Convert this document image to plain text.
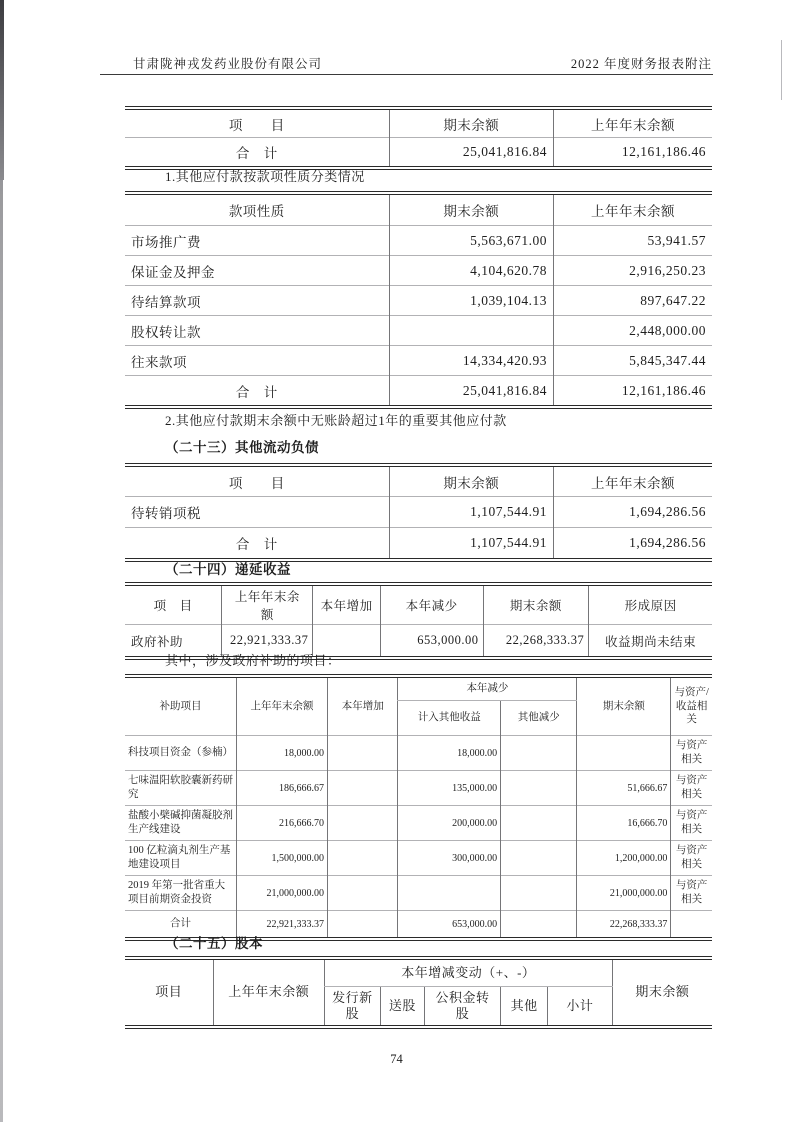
甘肃陇神戎发药业股份有限公司	2022 年度财务报表附注
项　　目	期末余额	上年年末余额
合　计	25,041,816.84	12,161,186.46
1.其他应付款按款项性质分类情况
款项性质	期末余额	上年年末余额
市场推广费	5,563,671.00	53,941.57
保证金及押金	4,104,620.78	2,916,250.23
待结算款项	1,039,104.13	897,647.22
股权转让款		2,448,000.00
往来款项	14,334,420.93	5,845,347.44
合　计	25,041,816.84	12,161,186.46
2.其他应付款期末余额中无账龄超过1年的重要其他应付款
（二十三）其他流动负债
项　　目	期末余额	上年年末余额
待转销项税	1,107,544.91	1,694,286.56
合　计	1,107,544.91	1,694,286.56
（二十四）递延收益
项　目	上年年末余额	本年增加	本年减少	期末余额	形成原因
政府补助	22,921,333.37		653,000.00	22,268,333.37	收益期尚未结束
其中，涉及政府补助的项目：
补助项目	上年年末余额	本年增加	本年减少		期末余额	与资产/收益相关
			计入其他收益	其他减少		
科技项目资金（参楠）	18,000.00		18,000.00			与资产相关
七味温阳软胶囊新药研究	186,666.67		135,000.00		51,666.67	与资产相关
盐酸小檗碱抑菌凝胶剂生产线建设	216,666.70		200,000.00		16,666.70	与资产相关
100 亿粒滴丸剂生产基地建设项目	1,500,000.00		300,000.00		1,200,000.00	与资产相关
2019 年第一批省重大项目前期资金投资	21,000,000.00				21,000,000.00	与资产相关
合计	22,921,333.37		653,000.00		22,268,333.37	
（二十五）股本
项目	上年年末余额	本年增减变动（+、-）					期末余额
		发行新股	送股	公积金转股	其他	小计	
74
